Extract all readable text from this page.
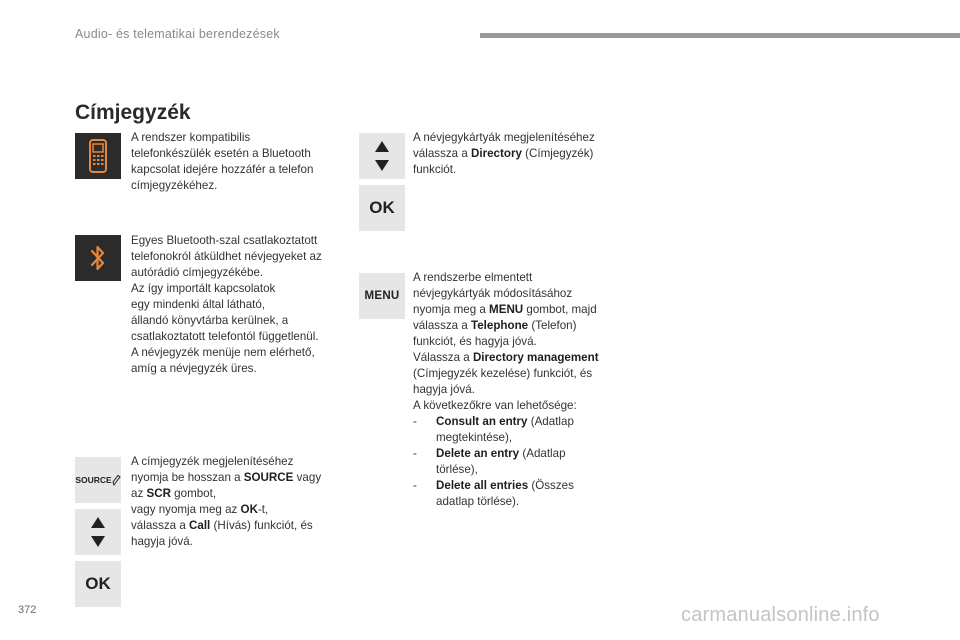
Audio- és telematikai berendezések
Címjegyzék
SOURCE
OK
OK
MENU
A rendszer kompatibilis
telefonkészülék esetén a Bluetooth
kapcsolat idejére hozzáfér a telefon
címjegyzékéhez.
Egyes Bluetooth-szal csatlakoztatott
telefonokról átküldhet névjegyeket az
autórádió címjegyzékébe.
Az így importált kapcsolatok
egy mindenki által látható,
állandó könyvtárba kerülnek, a
csatlakoztatott telefontól függetlenül.
A névjegyzék menüje nem elérhető,
amíg a névjegyzék üres.
A címjegyzék megjelenítéséhez
nyomja be hosszan a SOURCE vagy
az SCR gombot,
vagy nyomja meg az OK-t,
válassza a Call (Hívás) funkciót, és
hagyja jóvá.
A névjegykártyák megjelenítéséhez
válassza a Directory (Címjegyzék)
funkciót.
A rendszerbe elmentett
névjegykártyák módosításához
nyomja meg a MENU gombot, majd
válassza a Telephone (Telefon)
funkciót, és hagyja jóvá.
Válassza a Directory management
(Címjegyzék kezelése) funkciót, és
hagyja jóvá.
A következőkre van lehetősége:
- Consult an entry (Adatlap
megtekintése),
- Delete an entry (Adatlap
törlése),
- Delete all entries (Összes
adatlap törlése).
372	carmanualsonline.info
